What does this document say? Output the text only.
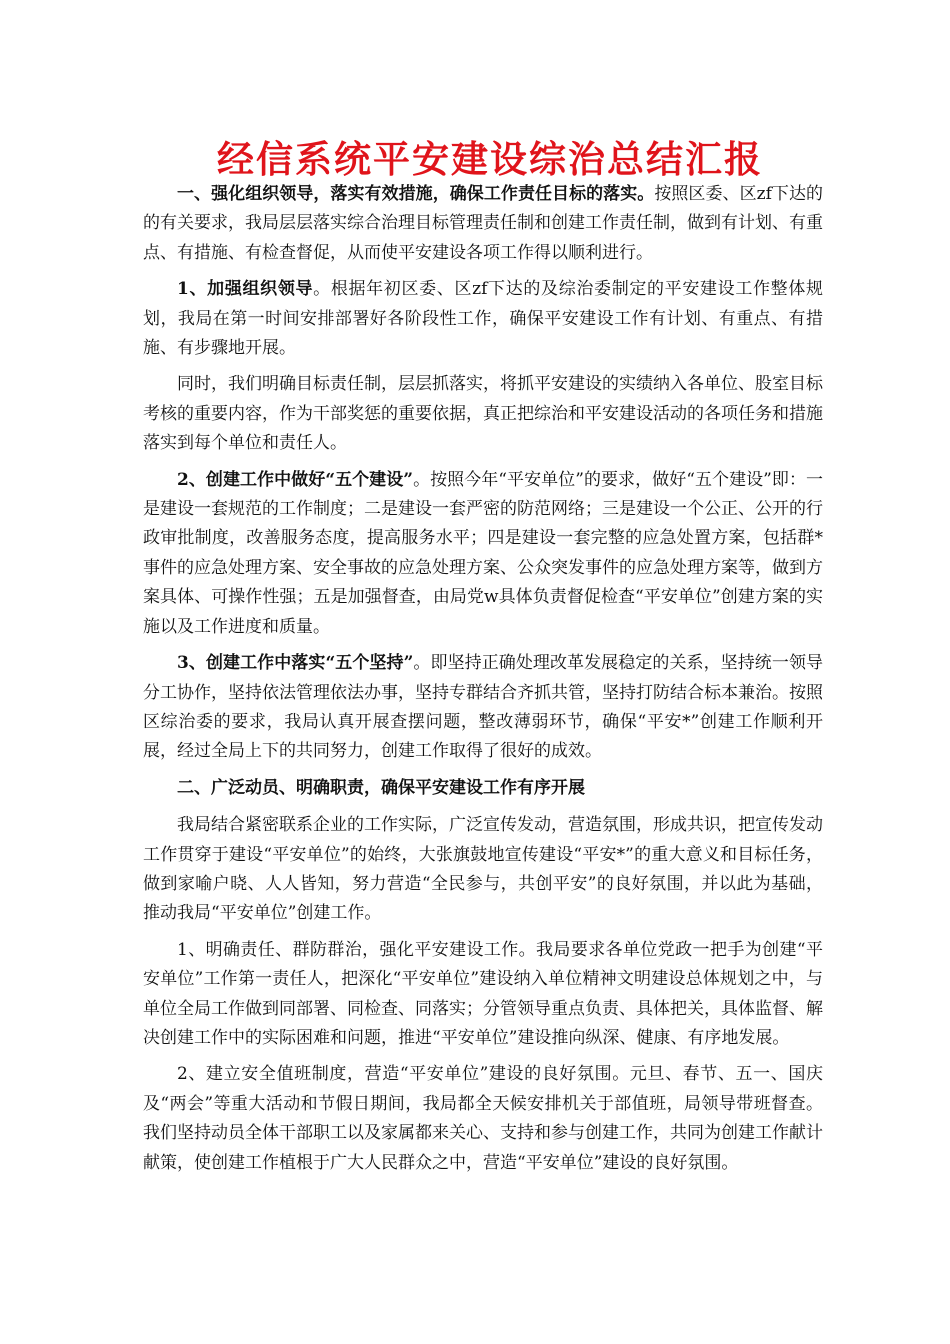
经信系统平安建设综治总结汇报

一、强化组织领导，落实有效措施，确保工作责任目标的落实。按照区委、区zf下达的的有关要求，我局层层落实综合治理目标管理责任制和创建工作责任制，做到有计划、有重点、有措施、有检查督促，从而使平安建设各项工作得以顺利进行。

1、加强组织领导。根据年初区委、区zf下达的及综治委制定的平安建设工作整体规划，我局在第一时间安排部署好各阶段性工作，确保平安建设工作有计划、有重点、有措施、有步骤地开展。

同时，我们明确目标责任制，层层抓落实，将抓平安建设的实绩纳入各单位、股室目标考核的重要内容，作为干部奖惩的重要依据，真正把综治和平安建设活动的各项任务和措施落实到每个单位和责任人。

2、创建工作中做好“五个建设”。按照今年“平安单位”的要求，做好“五个建设”即：一是建设一套规范的工作制度；二是建设一套严密的防范网络；三是建设一个公正、公开的行政审批制度，改善服务态度，提高服务水平；四是建设一套完整的应急处置方案，包括群*事件的应急处理方案、安全事故的应急处理方案、公众突发事件的应急处理方案等，做到方案具体、可操作性强；五是加强督查，由局党w具体负责督促检查“平安单位”创建方案的实施以及工作进度和质量。

3、创建工作中落实“五个坚持”。即坚持正确处理改革发展稳定的关系，坚持统一领导分工协作，坚持依法管理依法办事，坚持专群结合齐抓共管，坚持打防结合标本兼治。按照区综治委的要求，我局认真开展查摆问题，整改薄弱环节，确保“平安*”创建工作顺利开展，经过全局上下的共同努力，创建工作取得了很好的成效。

二、广泛动员、明确职责，确保平安建设工作有序开展

我局结合紧密联系企业的工作实际，广泛宣传发动，营造氛围，形成共识，把宣传发动工作贯穿于建设“平安单位”的始终，大张旗鼓地宣传建设“平安*”的重大意义和目标任务，做到家喻户晓、人人皆知，努力营造“全民参与，共创平安”的良好氛围，并以此为基础，推动我局“平安单位”创建工作。

1、明确责任、群防群治，强化平安建设工作。我局要求各单位党政一把手为创建“平安单位”工作第一责任人，把深化“平安单位”建设纳入单位精神文明建设总体规划之中，与单位全局工作做到同部署、同检查、同落实；分管领导重点负责、具体把关，具体监督、解决创建工作中的实际困难和问题，推进“平安单位”建设推向纵深、健康、有序地发展。

2、建立安全值班制度，营造“平安单位”建设的良好氛围。元旦、春节、五一、国庆及“两会”等重大活动和节假日期间，我局都全天候安排机关于部值班，局领导带班督查。我们坚持动员全体干部职工以及家属都来关心、支持和参与创建工作，共同为创建工作献计献策，使创建工作植根于广大人民群众之中，营造“平安单位”建设的良好氛围。
